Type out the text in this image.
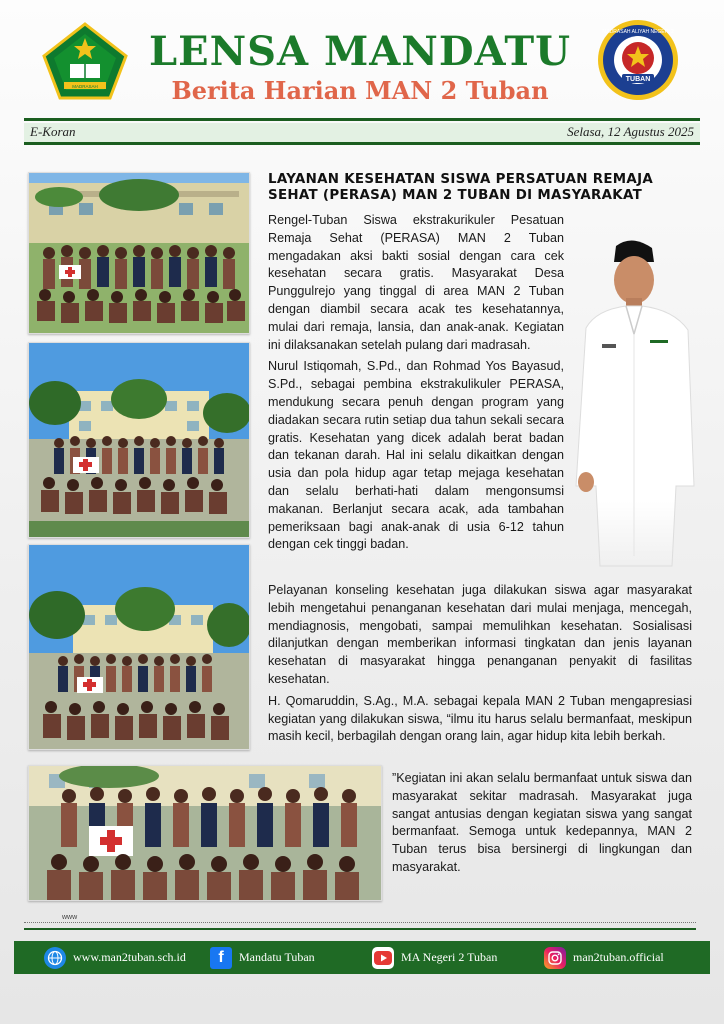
MADRASAH
LENSA MANDATU
Berita Harian MAN 2 Tuban	TUBAN
MADRASAH ALIYAH NEGERI 2
E-Koran	Selasa, 12 Agustus 2025
LAYANAN KESEHATAN SISWA PERSATUAN REMAJA SEHAT (PERASA) MAN 2 TUBAN DI MASYARAKAT

Rengel-Tuban Siswa ekstrakurikuler Pesatuan Remaja Sehat (PERASA) MAN 2 Tuban mengadakan aksi bakti sosial dengan cara cek kesehatan secara gratis. Masyarakat Desa Punggulrejo yang tinggal di area MAN 2 Tuban dengan diambil secara acak tes kesehatannya, mulai dari remaja, lansia, dan anak-anak. Kegiatan ini dilaksanakan setelah pulang dari madrasah.

Nurul Istiqomah, S.Pd., dan Rohmad Yos Bayasud, S.Pd., sebagai pembina ekstrakulikuler PERASA, mendukung secara penuh dengan program yang diadakan secara rutin setiap dua tahun sekali secara gratis. Kesehatan yang dicek adalah berat badan dan tekanan darah. Hal ini selalu dikaitkan dengan usia dan pola hidup agar tetap mejaga kesehatan dan selalu berhati-hati dalam mengonsumsi makanan. Berlanjut secara acak, ada tambahan pemeriksaan bagi anak-anak di usia 6-12 tahun dengan cek tinggi badan.

Pelayanan konseling kesehatan juga dilakukan siswa agar masyarakat lebih mengetahui penanganan kesehatan dari mulai menjaga, mencegah, mendiagnosis, mengobati, sampai memulihkan kesehatan. Sosialisasi dilanjutkan dengan memberikan informasi tingkatan dan jenis layanan kesehatan di masyarakat hingga penanganan penyakit di fasilitas kesehatan.

H. Qomaruddin, S.Ag., M.A. sebagai kepala MAN 2 Tuban mengapresiasi kegiatan yang dilakukan siswa, “ilmu itu harus selalu bermanfaat, meskipun masih kecil, berbagilah dengan orang lain, agar hidup kita lebih berkah.

”Kegiatan ini akan selalu bermanfaat untuk siswa dan masyarakat sekitar madrasah. Masyarakat juga sangat antusias dengan kegiatan siswa yang sangat bermanfaat. Semoga untuk kedepannya, MAN 2 Tuban terus bisa bersinergi di lingkungan dan masyarakat.

www
www.man2tuban.sch.id f Mandatu Tuban	MA Negeri 2 Tuban	man2tuban.official
